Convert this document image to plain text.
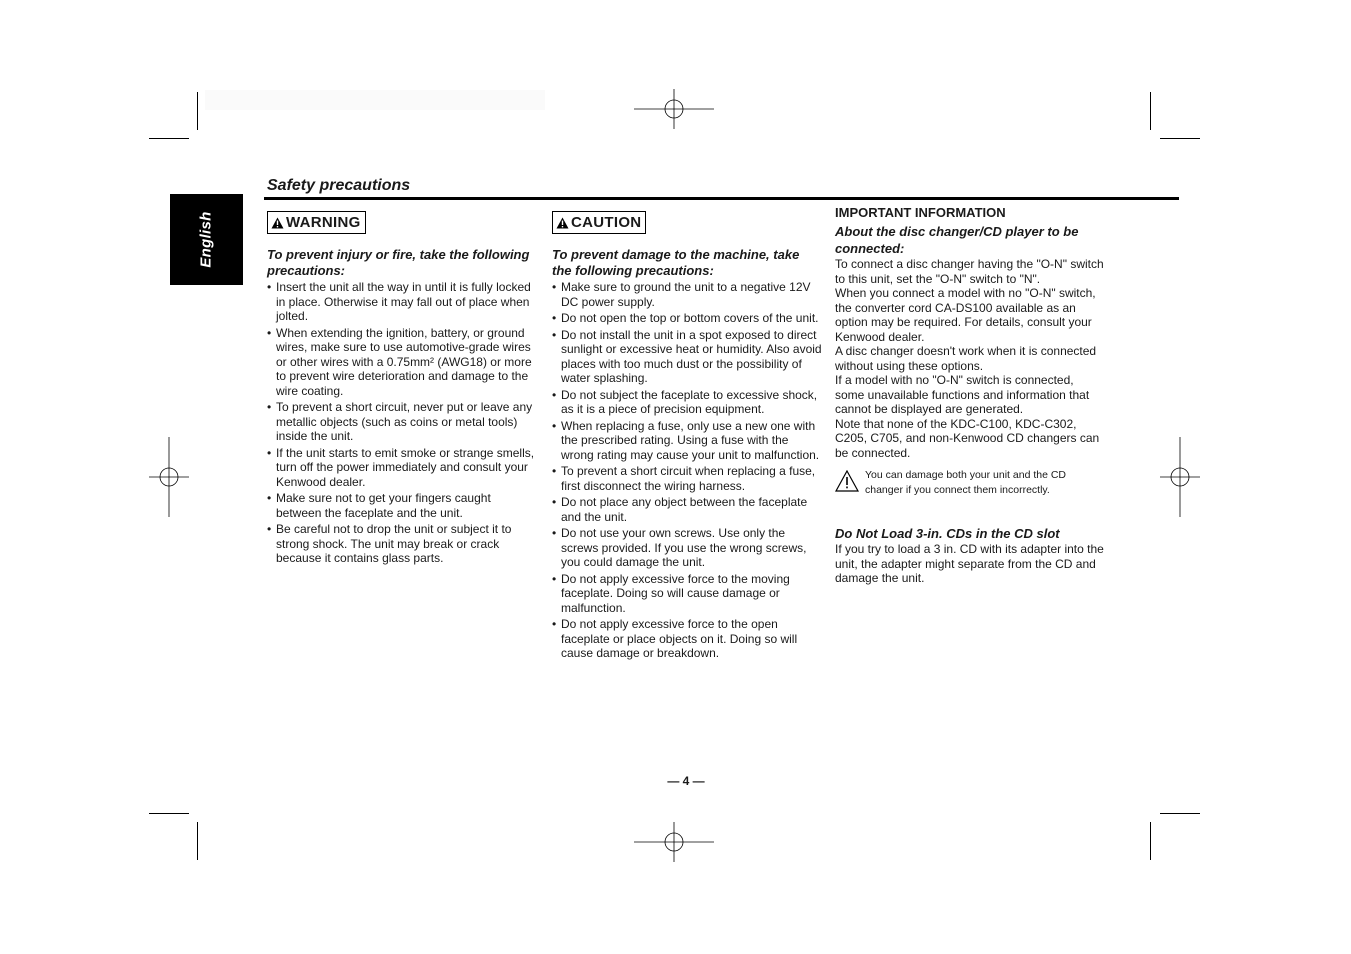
English
Safety precautions
WARNING

To prevent injury or fire, take the following precautions:

• Insert the unit all the way in until it is fully locked in place. Otherwise it may fall out of place when jolted.
• When extending the ignition, battery, or ground wires, make sure to use automotive-grade wires or other wires with a 0.75mm² (AWG18) or more to prevent wire deterioration and damage to the wire coating.
• To prevent a short circuit, never put or leave any metallic objects (such as coins or metal tools) inside the unit.
• If the unit starts to emit smoke or strange smells, turn off the power immediately and consult your Kenwood dealer.
• Make sure not to get your fingers caught between the faceplate and the unit.
• Be careful not to drop the unit or subject it to strong shock. The unit may break or crack because it contains glass parts.
CAUTION

To prevent damage to the machine, take the following precautions:

• Make sure to ground the unit to a negative 12V DC power supply.
• Do not open the top or bottom covers of the unit.
• Do not install the unit in a spot exposed to direct sunlight or excessive heat or humidity. Also avoid places with too much dust or the possibility of water splashing.
• Do not subject the faceplate to excessive shock, as it is a piece of precision equipment.
• When replacing a fuse, only use a new one with the prescribed rating. Using a fuse with the wrong rating may cause your unit to malfunction.
• To prevent a short circuit when replacing a fuse, first disconnect the wiring harness.
• Do not place any object between the faceplate and the unit.
• Do not use your own screws. Use only the screws provided. If you use the wrong screws, you could damage the unit.
• Do not apply excessive force to the moving faceplate. Doing so will cause damage or malfunction.
• Do not apply excessive force to the open faceplate or place objects on it. Doing so will cause damage or breakdown.

IMPORTANT INFORMATION

About the disc changer/CD player to be connected:

To connect a disc changer having the "O-N" switch to this unit, set the "O-N" switch to "N".

When you connect a model with no "O-N" switch, the converter cord CA-DS100 available as an option may be required. For details, consult your Kenwood dealer.

A disc changer doesn't work when it is connected without using these options.

If a model with no "O-N" switch is connected, some unavailable functions and information that cannot be displayed are generated.

Note that none of the KDC-C100, KDC-C302, C205, C705, and non-Kenwood CD changers can be connected.

You can damage both your unit and the CD changer if you connect them incorrectly.

Do Not Load 3-in. CDs in the CD slot

If you try to load a 3 in. CD with its adapter into the unit, the adapter might separate from the CD and damage the unit.

— 4 —
